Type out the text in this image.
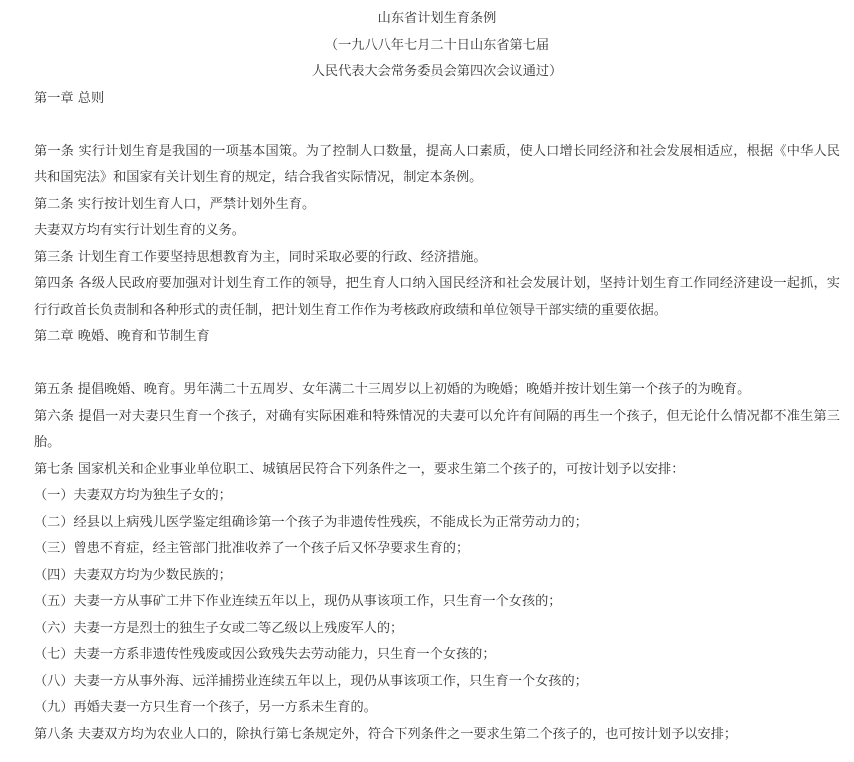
山东省计划生育条例
（一九八八年七月二十日山东省第七届
人民代表大会常务委员会第四次会议通过）
第一章 总则
第一条 实行计划生育是我国的一项基本国策。为了控制人口数量，提高人口素质，使人口增长同经济和社会发展相适应，根据《中华人民共和国宪法》和国家有关计划生育的规定，结合我省实际情况，制定本条例。
第二条 实行按计划生育人口，严禁计划外生育。
夫妻双方均有实行计划生育的义务。
第三条 计划生育工作要坚持思想教育为主，同时采取必要的行政、经济措施。
第四条 各级人民政府要加强对计划生育工作的领导，把生育人口纳入国民经济和社会发展计划，坚持计划生育工作同经济建设一起抓，实行行政首长负责制和各种形式的责任制，把计划生育工作作为考核政府政绩和单位领导干部实绩的重要依据。
第二章 晚婚、晚育和节制生育
第五条 提倡晚婚、晚育。男年满二十五周岁、女年满二十三周岁以上初婚的为晚婚；晚婚并按计划生第一个孩子的为晚育。
第六条 提倡一对夫妻只生育一个孩子，对确有实际困难和特殊情况的夫妻可以允许有间隔的再生一个孩子，但无论什么情况都不准生第三胎。
第七条 国家机关和企业事业单位职工、城镇居民符合下列条件之一，要求生第二个孩子的，可按计划予以安排：
（一）夫妻双方均为独生子女的；
（二）经县以上病残儿医学鉴定组确诊第一个孩子为非遗传性残疾，不能成长为正常劳动力的；
（三）曾患不育症，经主管部门批准收养了一个孩子后又怀孕要求生育的；
（四）夫妻双方均为少数民族的；
（五）夫妻一方从事矿工井下作业连续五年以上，现仍从事该项工作，只生育一个女孩的；
（六）夫妻一方是烈士的独生子女或二等乙级以上残废军人的；
（七）夫妻一方系非遗传性残废或因公致残失去劳动能力，只生育一个女孩的；
（八）夫妻一方从事外海、远洋捕捞业连续五年以上，现仍从事该项工作，只生育一个女孩的；
（九）再婚夫妻一方只生育一个孩子，另一方系未生育的。
第八条 夫妻双方均为农业人口的，除执行第七条规定外，符合下列条件之一要求生第二个孩子的，也可按计划予以安排；
